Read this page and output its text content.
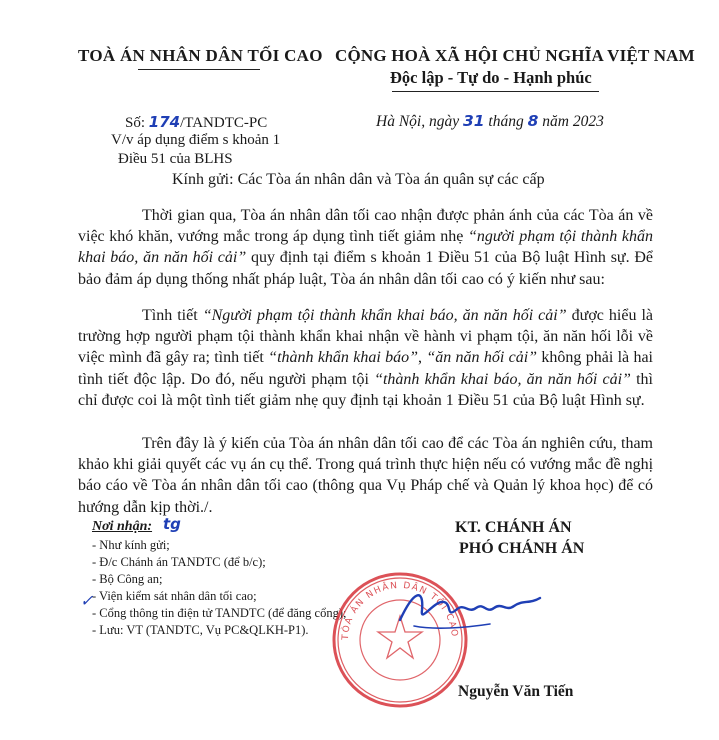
TOÀ ÁN NHÂN DÂN TỐI CAO CỘNG HOÀ XÃ HỘI CHỦ NGHĨA VIỆT NAM
Độc lập - Tự do - Hạnh phúc
Số: 174/TANDTC-PC
V/v áp dụng điểm s khoản 1
Điều 51 của BLHS
Hà Nội, ngày 31 tháng 8 năm 2023
Kính gửi: Các Tòa án nhân dân và Tòa án quân sự các cấp

Thời gian qua, Tòa án nhân dân tối cao nhận được phản ánh của các Tòa án về việc khó khăn, vướng mắc trong áp dụng tình tiết giảm nhẹ “người phạm tội thành khẩn khai báo, ăn năn hối cải” quy định tại điểm s khoản 1 Điều 51 của Bộ luật Hình sự. Để bảo đảm áp dụng thống nhất pháp luật, Tòa án nhân dân tối cao có ý kiến như sau:

Tình tiết “Người phạm tội thành khẩn khai báo, ăn năn hối cải” được hiểu là trường hợp người phạm tội thành khẩn khai nhận về hành vi phạm tội, ăn năn hối lỗi về việc mình đã gây ra; tình tiết “thành khẩn khai báo”, “ăn năn hối cải” không phải là hai tình tiết độc lập. Do đó, nếu người phạm tội “thành khẩn khai báo, ăn năn hối cải” thì chỉ được coi là một tình tiết giảm nhẹ quy định tại khoản 1 Điều 51 của Bộ luật Hình sự.

Trên đây là ý kiến của Tòa án nhân dân tối cao để các Tòa án nghiên cứu, tham khảo khi giải quyết các vụ án cụ thể. Trong quá trình thực hiện nếu có vướng mắc đề nghị báo cáo về Tòa án nhân dân tối cao (thông qua Vụ Pháp chế và Quản lý khoa học) để có hướng dẫn kịp thời./.

Nơi nhận: tg
- Như kính gửi;
- Đ/c Chánh án TANDTC (để b/c);
- Bộ Công an;
- Viện kiểm sát nhân dân tối cao;
- Cổng thông tin điện tử TANDTC (để đăng cổng);
- Lưu: VT (TANDTC, Vụ PC&QLKH-P1).
✓
KT. CHÁNH ÁN
PHÓ CHÁNH ÁN
TÒA ÁN NHÂN DÂN TỐI CAO
Nguyễn Văn Tiến
